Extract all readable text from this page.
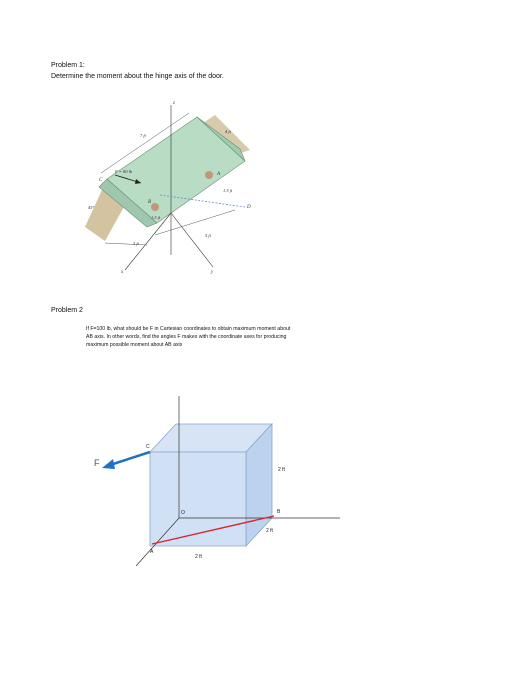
Problem 1:
Determine the moment about the hinge axis of the door.
z
x	y
C
A
B
D
F = 80 lb
45°
7 ft
4 ft
1.5 ft
1.5 ft
5 ft
3 ft
Problem 2
If F=100 lb, what should be F in Cartesian coordinates to obtain maximum moment about
AB axis. In other words, find the angles F makes with the coordinate axes for producing
maximum possible moment about AB axis
F
C
O	B
A
2 ft
2 ft
2 ft
